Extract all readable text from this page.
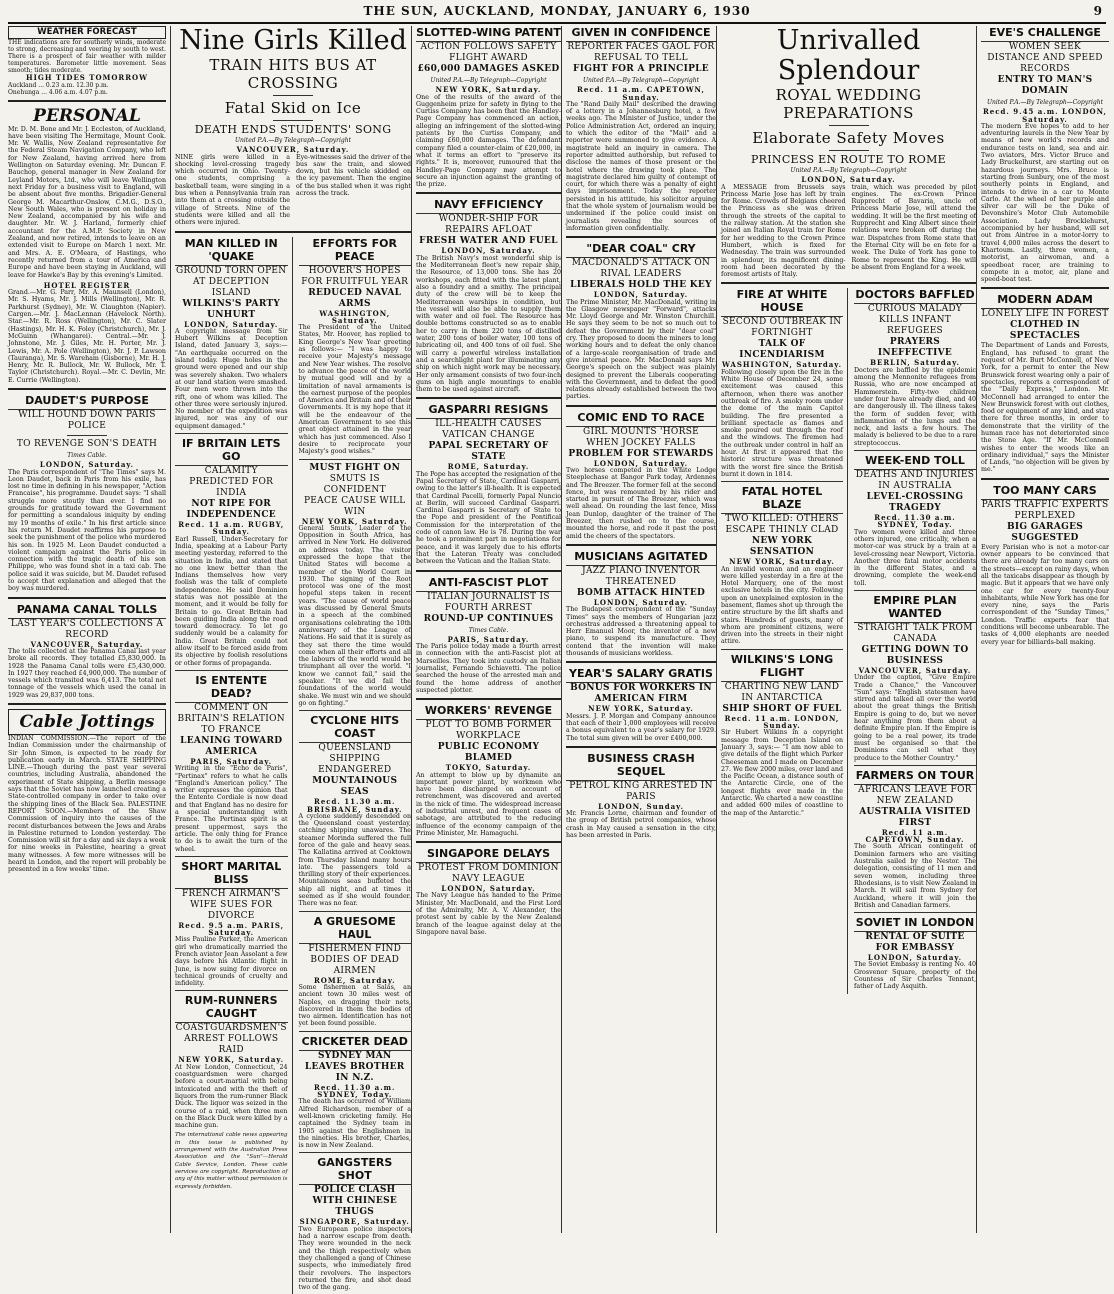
THE SUN, AUCKLAND, MONDAY, JANUARY 6, 1930	9
WEATHER FORECAST
THE indications are for southerly winds, moderate to strong, decreasing and veering by south to west. There is a prospect of fair weather with milder temperatures. Barometer little movement. Seas smooth; tides moderate.
HIGH TIDES TOMORROW
Auckland ... 0.23 a.m. 12.30 p.m.
Onehunga ... 4.06 a.m. 4.07 p.m.
PERSONAL
Mr. D. M. Bone and Mr. J. Eccleston, of Auckland, have been visiting The Hermitage, Mount Cook. Mr. W. Wallis, New Zealand representative for the Federal Steam Navigation Company, who left for New Zealand, having arrived here from Wellington on Saturday evening. Mr. Duncan F. Bauchop, general manager in New Zealand for Leyland Motors, Ltd., who will leave Wellington next Friday for a business visit to England, will be absent about five months. Brigadier-General George M. Macarthur-Onslow, C.M.G., D.S.O., New South Wales, who is present on holiday in New Zealand, accompanied by his wife and daughter. Mr. W. J. Harland, formerly chief accountant for the A.M.P. Society in New Zealand, and now retired, intends to leave on an extended visit to Europe on March 1 next. Mr. and Mrs. A. E. O'Meara, of Hastings, who recently returned from a tour of America and Europe and have been staying in Auckland, will leave for Hawke's Bay by this evening's Limited.
HOTEL REGISTER
Grand.—Mr. G. Parr, Mr. A. Maunsell (London), Mr. S. Hyams, Mr. J. Mills (Wellington), Mr. R. Parkhurst (Sydney), Mr. W. Claughton (Napier). Cargen.—Mr. J. MacLennan (Havelock North). Star.—Mr. R. Ross (Wellington), Mr. C. Slater (Hastings), Mr. H. K. Foley (Christchurch), Mr. J. McGuinn (Whangarei). Central.—Mr. J. Johnstone, Mr. J. Giles, Mr. H. Porter, Mr. J. Lewis, Mr. A. Pole (Wellington), Mr. J. P. Lawson (Tauranga), Mr. S. Wareham (Gisborne), Mr. H. J. Henry, Mr. R. Bullock, Mr. W. Bullock, Mr. T. Taylor (Christchurch). Royal.—Mr. C. Devlin, Mr. E. Currie (Wellington).
DAUDET'S PURPOSE
WILL HOUND DOWN PARIS POLICE
TO REVENGE SON'S DEATH
Times Cable.
LONDON, Saturday.
The Paris correspondent of "The Times" says M. Leon Daudet, back in Paris from his exile, has lost no time in defining in his newspaper, "Action Francaise", his programme. Daudet says: "I shall struggle more stoutly than ever. I find no grounds for gratitude toward the Government for permitting a scandalous iniquity by ending my 19 months of exile." In his first article since his return M. Daudet reaffirms his purpose to seek the punishment of the police who murdered his son. In 1925 M. Leon Daudet conducted a violent campaign against the Paris police in connection with the tragic death of his son Philippe, who was found shot in a taxi cab. The police said it was suicide, but M. Daudet refused to accept that explanation and alleged that the boy was murdered.
PANAMA CANAL TOLLS
LAST YEAR'S COLLECTIONS A RECORD
VANCOUVER, Saturday.
The tolls collected at the Panama Canal last year broke all records. They totalled £5,830,000. In 1928 the Panama Canal tolls were £5,430,000. In 1927 they reached £4,900,000. The number of vessels which transited was 6,413. The total net tonnage of the vessels which used the canal in 1929 was 29,837,000 tons.
Cable Jottings
INDIAN COMMISSION.—The report of the Indian Commission under the chairmanship of Sir John Simon, is expected to be ready for publication early in March. STATE SHIPPING LINE.—Though during the past year several countries, including Australia, abandoned the experiment of State shipping, a Berlin message says that the Soviet has now launched creating a State-controlled company in order to take over the shipping lines of the Black Sea. PALESTINE REPORT SOON.—Members of the Shaw Commission of inquiry into the causes of the recent disturbances between the Jews and Arabs in Palestine returned to London yesterday. The Commission will sit for a day and six days a week for nine weeks in Palestine, hearing a great many witnesses. A few more witnesses will be heard in London, and the report will probably be presented in a few weeks' time.
Nine Girls Killed
TRAIN HITS BUS AT CROSSING
Fatal Skid on Ice
DEATH ENDS STUDENTS' SONG
United P.A.—By Telegraph—Copyright
VANCOUVER, Saturday.
NINE girls were killed in a shocking level-crossing tragedy which occurred in Ohio. Twenty-one students, comprising a basketball team, were singing in a bus when a Pennsylvania train ran into them at a crossing outside the village of Streets. Nine of the students were killed and all the others were injured.
Eye-witnesses said the driver of the bus saw the train, and slowed down, but his vehicle skidded on the icy pavement. Then the engine of the bus stalled when it was right across the track.
MAN KILLED IN 'QUAKE
GROUND TORN OPEN AT DECEPTION ISLAND
WILKINS'S PARTY UNHURT
LONDON, Saturday.
A copyright message from Sir Hubert Wilkins at Deception Island, dated January 3, says:— "An earthquake occurred on the island today. Huge holes in the ground were opened and our ship was severely shaken. Two whalers at our land station were smashed. Four men were thrown into the rift, one of whom was killed. The other three were seriously injured. No member of the expedition was injured, nor was any of our equipment damaged."
IF BRITAIN LETS GO
CALAMITY PREDICTED FOR INDIA
NOT RIPE FOR INDEPENDENCE
Recd. 11 a.m. RUGBY, Sunday.
Earl Russell, Under-Secretary for India, speaking at a Labour Party meeting yesterday, referred to the situation in India, and stated that no one knew better than the Indians themselves how very foolish was the talk of complete independence. He said Dominion status was not possible at the moment, and it would be folly for Britain to go. Great Britain had been guiding India along the road toward democracy. To let go suddenly would be a calamity for India. Great Britain could not allow itself to be forced aside from its objective by foolish resolutions or other forms of propaganda.
IS ENTENTE DEAD?
COMMENT ON BRITAIN'S RELATION TO FRANCE
LEANING TOWARD AMERICA
PARIS, Saturday.
Writing in the "Echo de Paris", "Pertinax" refers to what he calls "England's American policy." The writer expresses the opinion that the Entente Cordiale is now dead and that England has no desire for a special understanding with France. The Pertinax spirit is at present uppermost, says the article. The only thing for France to do is to await the turn of the wheel.
SHORT MARITAL BLISS
FRENCH AIRMAN'S WIFE SUES FOR DIVORCE
Recd. 9.5 a.m. PARIS, Saturday.
Miss Pauline Parker, the American girl who dramatically married the French aviator Jean Assolant a few days before his Atlantic flight in June, is now suing for divorce on technical grounds of cruelty and infidelity.
RUM-RUNNERS CAUGHT
COASTGUARDSMEN'S ARREST FOLLOWS RAID
NEW YORK, Saturday.
At New London, Connecticut, 24 coastguardsmen were charged before a court-martial with being intoxicated and with the theft of liquors from the rum-runner Black Duck. The liquor was seized in the course of a raid, when three men on the Black Duck were killed by a machine gun.
The international cable news appearing in this issue is published by arrangement with the Australian Press Association and the "Sun"—Herald Cable Service, London. These cable services are copyright. Reproduction of any of this matter without permission is expressly forbidden.
EFFORTS FOR PEACE
HOOVER'S HOPES FOR FRUITFUL YEAR
REDUCED NAVAL ARMS
WASHINGTON, Saturday.
The President of the United States, Mr. Hoover, has replied to King George's New Year greeting as follows:— "I was happy to receive your Majesty's message and New Year wishes. The resolve to advance the peace of the world by mutual good will and by a limitation of naval armaments is the earnest purpose of the peoples of America and Britain and of their Governments. It is my hope that it will be the endeavour of the American Government to see this great object attained in the year which has just commenced. Also I desire to reciprocate your Majesty's good wishes."
MUST FIGHT ON
SMUTS IS CONFIDENT
PEACE CAUSE WILL WIN
NEW YORK, Saturday.
General Smuts, Leader of the Opposition in South Africa, has arrived in New York. He delivered an address today. The visitor expressed the hope that the United States will become a member of the World Court in 1930. The signing of the Root protocol was one of the most hopeful steps taken in recent years. "The cause of world peace was discussed by General Smuts in a speech at the combined organisations celebrating the 10th anniversary of the League of Nations. He said that it is surely as they sat there the time would come when all their efforts and all the labours of the world would be triumphant all over the world. "I know we cannot fail," said the speaker. "It we did fail the foundations of the world would shake. We must win and we should go on fighting."
CYCLONE HITS COAST
QUEENSLAND SHIPPING ENDANGERED
MOUNTAINOUS SEAS
Recd. 11.30 a.m. BRISBANE, Sunday.
A cyclone suddenly descended on the Queensland coast yesterday, catching shipping unawares. The steamer Morinda suffered the full force of the gale and heavy seas. The Kallatina arrived at Cooktown from Thursday Island many hours late. The passengers told a thrilling story of their experiences. Mountainous seas buffeted the ship all night, and at times it seemed as if she would founder. There was no fear.
A GRUESOME HAUL
FISHERMEN FIND BODIES OF DEAD AIRMEN
ROME, Saturday.
Some fishermen at Salas, an ancient town 30 miles west of Naples, on dragging their nets, discovered in them the bodies of two airmen. Identification has not yet been found possible.
CRICKETER DEAD
SYDNEY MAN LEAVES BROTHER IN N.Z.
Recd. 11.30 a.m. SYDNEY, Today.
The death has occurred of William Alfred Richardson, member of a well-known cricketing family. He captained the Sydney team in 1905 against the Englishmen in the nineties. His brother, Charles, is now in New Zealand.
GANGSTERS SHOT
POLICE CLASH WITH CHINESE THUGS
SINGAPORE, Saturday.
Two European police inspectors had a narrow escape from death. They were wounded in the neck and the thigh respectively when they challenged a gang of Chinese suspects, who immediately fired their revolvers. The inspectors returned the fire, and shot dead two of the gang.
SLOTTED-WING PATENT
ACTION FOLLOWS SAFETY FLIGHT AWARD
£60,000 DAMAGES ASKED
United P.A.—By Telegraph—Copyright
NEW YORK, Saturday.
One of the results of the award of the Guggenheim prize for safety in flying to the Curtiss Company has been that the Handley-Page Company has commenced an action, alleging an infringement of the slotted-wing patents by the Curtiss Company, and claiming £60,000 damages. The defendant company filed a counter-claim of £20,000, in what it terms an effort to "preserve its rights." It is, moreover, rumoured that the Handley-Page Company may attempt to secure an injunction against the granting of the prize.
NAVY EFFICIENCY
WONDER-SHIP FOR REPAIRS AFLOAT
FRESH WATER AND FUEL
LONDON, Saturday.
The British Navy's most wonderful ship is the Mediterranean fleet's new repair ship, the Resource, of 13,000 tons. She has 20 workshops, each fitted with the latest plant, also a foundry and a smithy. The principal duty of the crew will be to keep the Mediterranean warships in condition, but the vessel will also be able to supply them with water and oil fuel. The Resource has double bottoms constructed so as to enable her to carry in them 220 tons of distilled water, 200 tons of boiler water, 100 tons of lubricating oil, and 400 tons of oil fuel. She will carry a powerful wireless installation and a searchlight plant for illuminating any ship on which night work may be necessary. Her only armament consists of two four-inch guns on high angle mountings to enable them to be used against aircraft.
GASPARRI RESIGNS
ILL-HEALTH CAUSES VATICAN CHANGE
PAPAL SECRETARY OF STATE
ROME, Saturday.
The Pope has accepted the resignation of the Papal Secretary of State, Cardinal Gasparri, owing to the latter's ill-health. It is expected that Cardinal Pacelli, formerly Papal Nuncio at Berlin, will succeed Cardinal Gasparri. Cardinal Gasparri is Secretary of State to the Pope and president of the Pontifical Commission for the interpretation of the code of canon law. He is 78. During the war he took a prominent part in negotiations for peace, and it was largely due to his efforts that the Lateran Treaty was concluded between the Vatican and the Italian State.
ANTI-FASCIST PLOT
ITALIAN JOURNALIST IS FOURTH ARREST
ROUND-UP CONTINUES
Times Cable.
PARIS, Saturday.
The Paris police today made a fourth arrest in connection with the anti-Fascist plot at Marseilles. They took into custody an Italian journalist, Fernando Schiavetti. The police searched the house of the arrested man and found the home address of another suspected plotter.
WORKERS' REVENGE
PLOT TO BOMB FORMER WORKPLACE
PUBLIC ECONOMY BLAMED
TOKYO, Saturday.
An attempt to blow up by dynamite an important power plant, by workmen who have been discharged on account of retrenchment, was discovered and averted in the nick of time. The widespread increase of industrial unrest, and frequent cases of sabotage, are attributed to the reducing influence of the economy campaign of the Prime Minister, Mr. Hamaguchi.
SINGAPORE DELAYS
PROTEST FROM DOMINION NAVY LEAGUE
LONDON, Saturday.
The Navy League has handed to the Prime Minister, Mr. MacDonald, and the First Lord of the Admiralty, Mr. A. V. Alexander, the protest sent by cable by the New Zealand branch of the league against delay at the Singapore naval base.
GIVEN IN CONFIDENCE
REPORTER FACES GAOL FOR REFUSAL TO TELL
FIGHT FOR A PRINCIPLE
United P.A.—By Telegraph—Copyright
Recd. 11 a.m. CAPETOWN, Sunday.
The "Rand Daily Mail" described the drawing of a lottery in a Johannesburg hotel, a few weeks ago. The Minister of Justice, under the Police Administration Act, ordered an inquiry, to which the editor of the "Mail" and a reporter were summoned to give evidence. A magistrate held an inquiry in camera. The reporter admitted authorship, but refused to disclose the names of those present or the hotel where the drawing took place. The magistrate declared him guilty of contempt of court, for which there was a penalty of eight days imprisonment. Today the reporter persisted in his attitude, his solicitor arguing that the whole system of journalism would be undermined if the police could insist on journalists revealing the sources of information given confidentially.
"DEAR COAL" CRY
MACDONALD'S ATTACK ON RIVAL LEADERS
LIBERALS HOLD THE KEY
LONDON, Saturday.
The Prime Minister, Mr. MacDonald, writing in the Glasgow newspaper "Forward", attacks Mr. Lloyd George and Mr. Winston Churchill. He says they seem to be not so much out to defeat the Government by their "dear coal" cry. They proposed to doom the miners to long working hours and to defeat the only chance of a large-scale reorganisation of trade and give internal peace. Mr. MacDonald says Mr. George's speech on the subject was plainly designed to prevent the Liberals cooperating with the Government, and to defeat the good relations already established between the two parties.
COMIC END TO RACE
GIRL MOUNTS 'HORSE WHEN JOCKEY FALLS
PROBLEM FOR STEWARDS
LONDON, Saturday.
Two horses competed in the White Lodge Steeplechase at Bangor Park today, Ardennes and The Breezer. The former fell at the second fence, but was remounted by his rider and started in pursuit of The Breezer, which was well ahead. On rounding the last fence, Miss Jean Dunlop, daughter of the trainer of The Breezer, then rushed on to the course, mounted the horse, and rode it past the post amid the cheers of the spectators.
MUSICIANS AGITATED
JAZZ PIANO INVENTOR THREATENED
BOMB ATTACK HINTED
LONDON, Saturday.
The Budapest correspondent of the "Sunday Times" says the members of Hungarian jazz orchestras addressed a threatening appeal to Herr Emanuel Moor, the inventor of a new piano, to suspend its manufacture. They contend that the invention will make thousands of musicians workless.
YEAR'S SALARY GRATIS
BONUS FOR WORKERS IN AMERICAN FIRM
NEW YORK, Saturday.
Messrs. J. P. Morgan and Company announce that each of their 1,000 employees will receive a bonus equivalent to a year's salary for 1929. The total sum given will be over £400,000.
BUSINESS CRASH SEQUEL
PETROL KING ARRESTED IN PARIS
LONDON, Sunday.
Mr. Francis Lorne, chairman and founder of the group of British petrol companies, whose crash in May caused a sensation in the city, has been arrested in Paris.
Unrivalled Splendour
ROYAL WEDDING PREPARATIONS
Elaborate Safety Moves
PRINCESS EN ROUTE TO ROME
United P.A.—By Telegraph—Copyright
LONDON, Saturday.
A MESSAGE from Brussels says Princess Marie Jose has left by train for Rome. Crowds of Belgians cheered the Princess as she was driven through the streets of the capital to the railway station. At the station she joined an Italian Royal train for Rome for her wedding to the Crown Prince Humbert, which is fixed for Wednesday. The train was surrounded in splendour, its magnificent dining-room had been decorated by the foremost artists of Italy.
train, which was preceded by pilot engines. The ex-Crown Prince Rupprecht of Bavaria, uncle of Princess Marie Jose, will attend the wedding. It will be the first meeting of Rupprecht and King Albert since their relations were broken off during the war. Dispatches from Rome state that the Eternal City will be en fete for a week. The Duke of York has gone to Rome to represent the King. He will be absent from England for a week.
FIRE AT WHITE HOUSE
SECOND OUTBREAK IN FORTNIGHT
TALK OF INCENDIARISM
WASHINGTON, Saturday.
Following closely upon the fire in the White House of December 24, some excitement was caused this afternoon, when there was another outbreak of fire. A smoky room under the dome of the main Capitol building. The fire presented a brilliant spectacle as flames and smoke poured out through the roof and the windows. The firemen had the outbreak under control in half an hour. At first it appeared that the historic structure was threatened with the worst fire since the British burnt it down in 1814.
FATAL HOTEL BLAZE
TWO KILLED: OTHERS ESCAPE THINLY CLAD
NEW YORK SENSATION
NEW YORK, Saturday.
An invalid woman and an engineer were killed yesterday in a fire at the Hotel Marquery, one of the most exclusive hotels in the city. Following upon an unexplained explosion in the basement, flames shot up through the entire structure by the lift shafts and stairs. Hundreds of guests, many of whom are prominent citizens, were driven into the streets in their night attire.
WILKINS'S LONG FLIGHT
CHARTING NEW LAND IN ANTARCTICA
SHIP SHORT OF FUEL
Recd. 11 a.m. LONDON, Sunday.
Sir Hubert Wilkins in a copyright message from Deception Island on January 3, says:— "I am now able to give details of the flight which Parker Cheeseman and I made on December 27. We flew 2000 miles, over land and the Pacific Ocean, a distance south of the Antarctic Circle, one of the longest flights ever made in the Antarctic. We charted a new coastline and added 600 miles of coastline to the map of the Antarctic."
DOCTORS BAFFLED
CURIOUS MALADY KILLS INFANT REFUGEES
PRAYERS INEFFECTIVE
BERLIN, Saturday.
Doctors are baffled by the epidemic among the Mennonite refugees from Russia, who are now encamped at Hammerstein. Fifty-two children under four have already died, and 40 are dangerously ill. The illness takes the form of sudden fever, with inflammation of the lungs and the neck, and lasts a few hours. The malady is believed to be due to a rare streptococcus.
WEEK-END TOLL
DEATHS AND INJURIES IN AUSTRALIA
LEVEL-CROSSING TRAGEDY
Recd. 11.30 a.m. SYDNEY, Today.
Two women were killed and three others injured, one critically, when a motor-car was struck by a train at a level-crossing near Newport, Victoria. Another three fatal motor accidents in the different States, and a drowning, complete the week-end toll.
EMPIRE PLAN WANTED
STRAIGHT TALK FROM CANADA
GETTING DOWN TO BUSINESS
VANCOUVER, Saturday.
Under the caption, "Give Empire Trade a Chance," the Vancouver "Sun" says: "English statesmen have stirred and talked all over the world about the great things the British Empire is going to do, but we never hear anything from them about a definite Empire plan. If the Empire is going to be a real power, its trade must be organised so that the Dominions can sell what they produce to the Mother Country."
FARMERS ON TOUR
AFRICANS LEAVE FOR NEW ZEALAND
AUSTRALIA VISITED FIRST
Recd. 11 a.m. CAPETOWN, Sunday.
The South African contingent of Dominion farmers who are visiting Australia sailed by the Nestor. The delegation, consisting of 11 men and seven women, including three Rhodesians, is to visit New Zealand in March. It will sail from Sydney for Auckland, where it will join the British and Canadian farmers.
SOVIET IN LONDON
RENTAL OF SUITE FOR EMBASSY
LONDON, Saturday.
The Soviet Embassy is renting No. 40 Grosvenor Square, property of the Countess of Sir Charles Tennant, father of Lady Asquith.
EVE'S CHALLENGE
WOMEN SEEK DISTANCE AND SPEED RECORDS
ENTRY TO MAN'S DOMAIN
United P.A.—By Telegraph—Copyright
Recd. 9.45 a.m. LONDON, Saturday.
The modern Eve hopes to add to her adventuring laurels in the New Year by means of new world's records and endurance tests on land, sea and air. Two aviators, Mrs. Victor Bruce and Lady Bruckelhurst, are starting out on hazardous journeys. Mrs. Bruce is starting from Sunbury, one of the most southerly points in England, and intends to drive in a car to Monte Carlo. At the wheel of her purple and silver car will be the Duke of Devonshire's Motor Club Automobile Association. Lady Brocklehurst, accompanied by her husband, will set out from Aintree in a motor-lorry to travel 4,000 miles across the desert to Khartoum. Lastly, three women, a motorist, an airwoman, and a speedboat racer, are training to compete in a motor, air, plane and speed-boat test.
MODERN ADAM
LONELY LIFE IN FOREST
CLOTHED IN SPECTACLES
The Department of Lands and Forests, England, has refused to grant the request of Mr. Burt McConnell, of New York, for a permit to enter the New Brunswick forest wearing only a pair of spectacles, reports a correspondent of the "Daily Express," London. Mr. McConnell had arranged to enter the New Brunswick forest with out clothes, food or equipment of any kind, and stay there for three months, in order to demonstrate that the virility of the human race has not deteriorated since the Stone Age. "If Mr. McConnell wishes to enter the woods like an ordinary individual," says the Minister of Lands, "no objection will be given by me."
TOO MANY CARS
PARIS TRAFFIC EXPERTS PERPLEXED
BIG GARAGES SUGGESTED
Every Parisian who is not a motor-car owner appears to be convinced that there are already far too many cars on the streets—except on rainy days, when all the taxicabs disappear as though by magic. But it appears that we have only one car for every twenty-four inhabitants, while New York has one for every nine, says the Paris correspondent of the "Sunday Times," London. Traffic experts fear that conditions will become unbearable. The tasks of 4,000 elephants are needed every year for billiards-ball making.
